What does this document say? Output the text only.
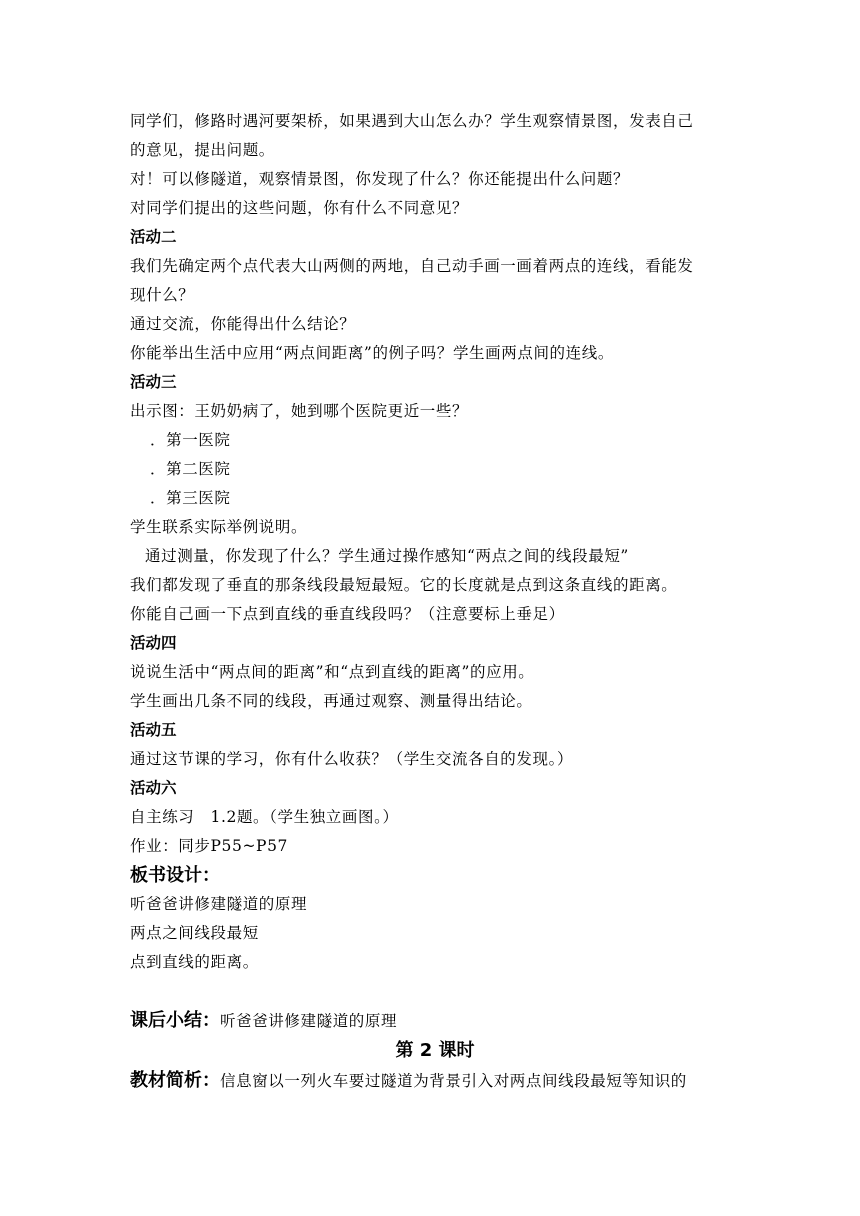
同学们，修路时遇河要架桥，如果遇到大山怎么办？学生观察情景图，发表自己
的意见，提出问题。
对！可以修隧道，观察情景图，你发现了什么？你还能提出什么问题？
对同学们提出的这些问题，你有什么不同意见？
活动二
我们先确定两个点代表大山两侧的两地，自己动手画一画着两点的连线，看能发
现什么？
通过交流，你能得出什么结论？
你能举出生活中应用“两点间距离”的例子吗？学生画两点间的连线。
活动三
出示图：王奶奶病了，她到哪个医院更近一些？
．第一医院
．第二医院
．第三医院
学生联系实际举例说明。
通过测量，你发现了什么？学生通过操作感知“两点之间的线段最短”
我们都发现了垂直的那条线段最短最短。它的长度就是点到这条直线的距离。
你能自己画一下点到直线的垂直线段吗？（注意要标上垂足）
活动四
说说生活中“两点间的距离”和“点到直线的距离”的应用。
学生画出几条不同的线段，再通过观察、测量得出结论。
活动五
通过这节课的学习，你有什么收获？（学生交流各自的发现。）
活动六
自主练习　1.2题。（学生独立画图。）
作业：同步P55~P57
板书设计：
听爸爸讲修建隧道的原理
两点之间线段最短
点到直线的距离。
课后小结：听爸爸讲修建隧道的原理
第 2 课时
教材简析：信息窗以一列火车要过隧道为背景引入对两点间线段最短等知识的
